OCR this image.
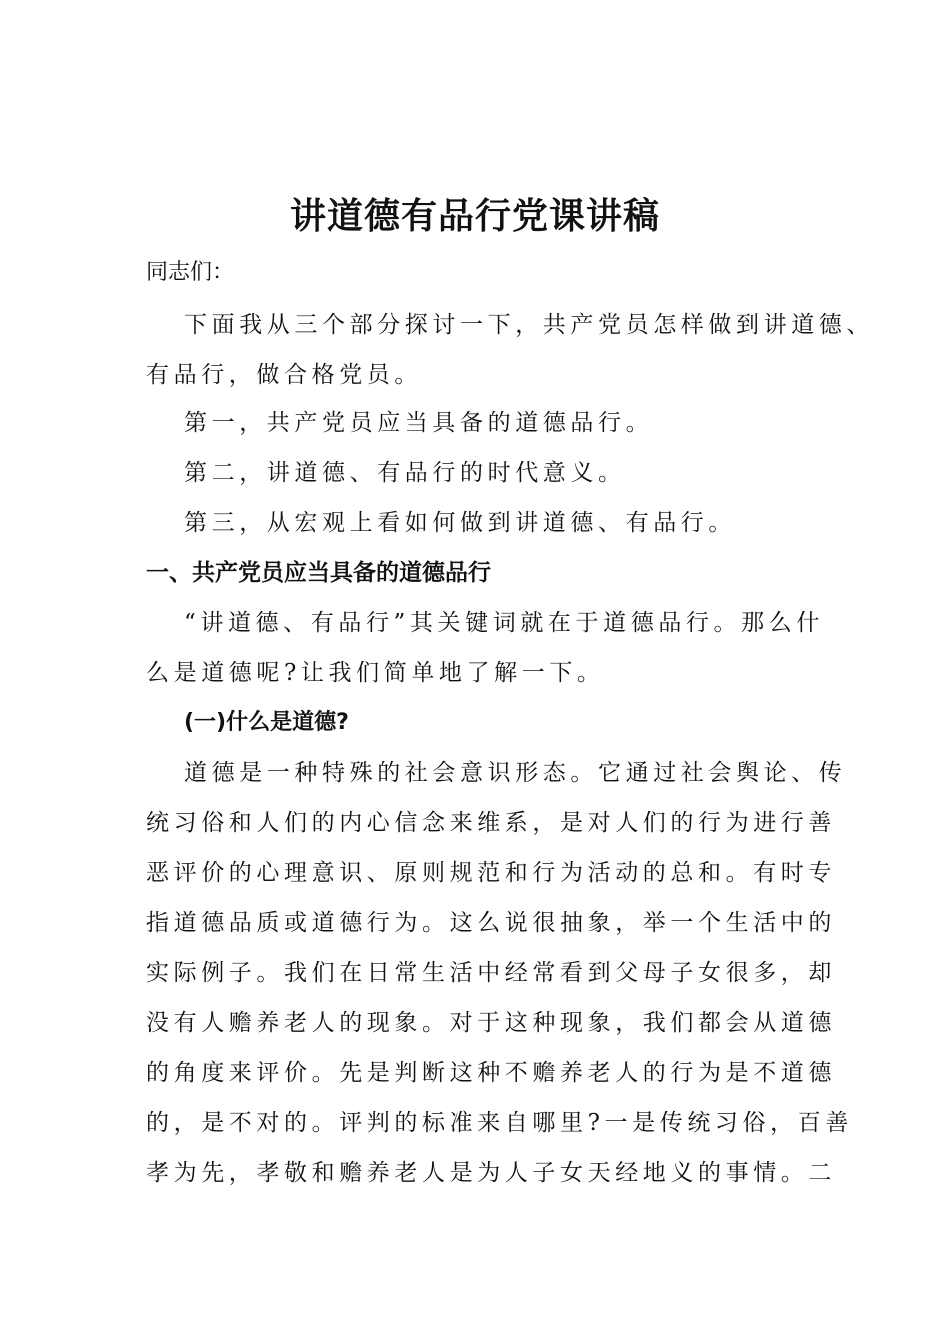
讲道德有品行党课讲稿
同志们：
下面我从三个部分探讨一下，共产党员怎样做到讲道德、
有品行，做合格党员。
第一，共产党员应当具备的道德品行。
第二，讲道德、有品行的时代意义。
第三，从宏观上看如何做到讲道德、有品行。
一、共产党员应当具备的道德品行
“讲道德、有品行”其关键词就在于道德品行。那么什
么是道德呢?让我们简单地了解一下。
(一)什么是道德?
道德是一种特殊的社会意识形态。它通过社会舆论、传
统习俗和人们的内心信念来维系，是对人们的行为进行善
恶评价的心理意识、原则规范和行为活动的总和。有时专
指道德品质或道德行为。这么说很抽象，举一个生活中的
实际例子。我们在日常生活中经常看到父母子女很多，却
没有人赡养老人的现象。对于这种现象，我们都会从道德
的角度来评价。先是判断这种不赡养老人的行为是不道德
的，是不对的。评判的标准来自哪里?一是传统习俗，百善
孝为先，孝敬和赡养老人是为人子女天经地义的事情。二
